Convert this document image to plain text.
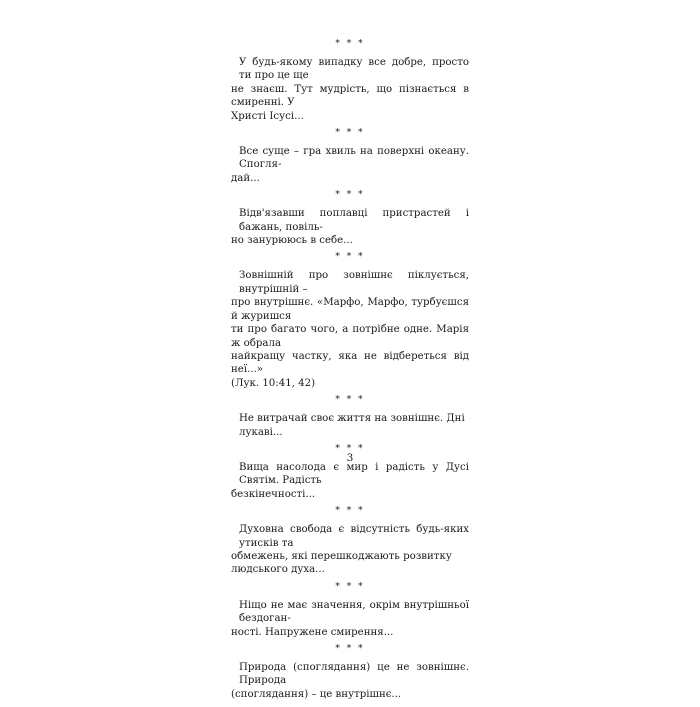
* * *
У будь-якому випадку все добре, просто ти про це ще
не знаєш. Тут мудрість, що пізнається в смиренні. У
Христі Ісусі...
* * *
Все суще – гра хвиль на поверхні океану. Спогля-
дай...
* * *
Відв'язавши поплавці пристрастей і бажань, повіль-
но занурююсь в себе...
* * *
Зовнішній про зовнішнє піклується, внутрішній –
про внутрішнє. «Марфо, Марфо, турбуєшся й журишся
ти про багато чого, а потрібне одне. Марія ж обрала
найкращу частку, яка не відбереться від неї...»
(Лук. 10:41, 42)
* * *
Не витрачай своє життя на зовнішнє. Дні лукаві...
* * *
Вища насолода є мир і радість у Дусі Святім. Радість
безкінечності...
* * *
Духовна свобода є відсутність будь-яких утисків та
обмежень, які перешкоджають розвитку людського духа...
* * *
Ніщо не має значення, окрім внутрішньої бездоган-
ності. Напружене смирення...
* * *
Природа (споглядання) це не зовнішнє. Природа
(споглядання) – це внутрішнє...
3
